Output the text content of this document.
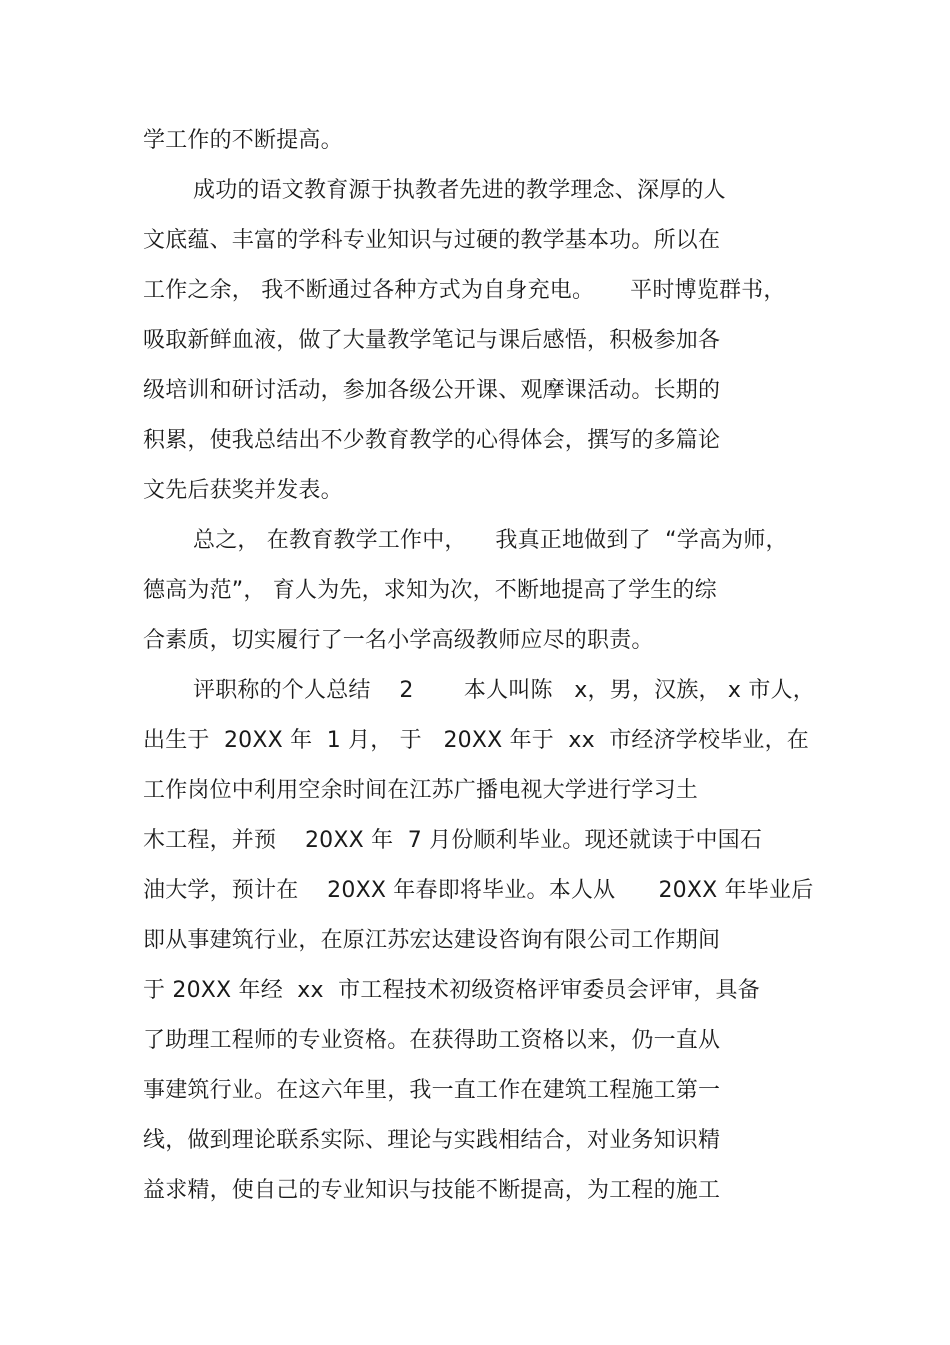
学工作的不断提高。
成功的语文教育源于执教者先进的教学理念、深厚的人
文底蕴、丰富的学科专业知识与过硬的教学基本功。所以在
工作之余， 我不断通过各种方式为自身充电。     平时博览群书，
吸取新鲜血液，做了大量教学笔记与课后感悟，积极参加各
级培训和研讨活动，参加各级公开课、观摩课活动。长期的
积累，使我总结出不少教育教学的心得体会，撰写的多篇论
文先后获奖并发表。
总之， 在教育教学工作中，    我真正地做到了  “学高为师，
德高为范”， 育人为先，求知为次，不断地提高了学生的综
合素质，切实履行了一名小学高级教师应尽的职责。
评职称的个人总结    2       本人叫陈   x，男，汉族， x 市人，
出生于  20XX 年  1 月， 于   20XX 年于  xx  市经济学校毕业，在
工作岗位中利用空余时间在江苏广播电视大学进行学习土
木工程，并预    20XX 年  7 月份顺利毕业。现还就读于中国石
油大学，预计在    20XX 年春即将毕业。本人从      20XX 年毕业后
即从事建筑行业，在原江苏宏达建设咨询有限公司工作期间
于 20XX 年经  xx  市工程技术初级资格评审委员会评审，具备
了助理工程师的专业资格。在获得助工资格以来，仍一直从
事建筑行业。在这六年里，我一直工作在建筑工程施工第一
线，做到理论联系实际、理论与实践相结合，对业务知识精
益求精，使自己的专业知识与技能不断提高，为工程的施工
